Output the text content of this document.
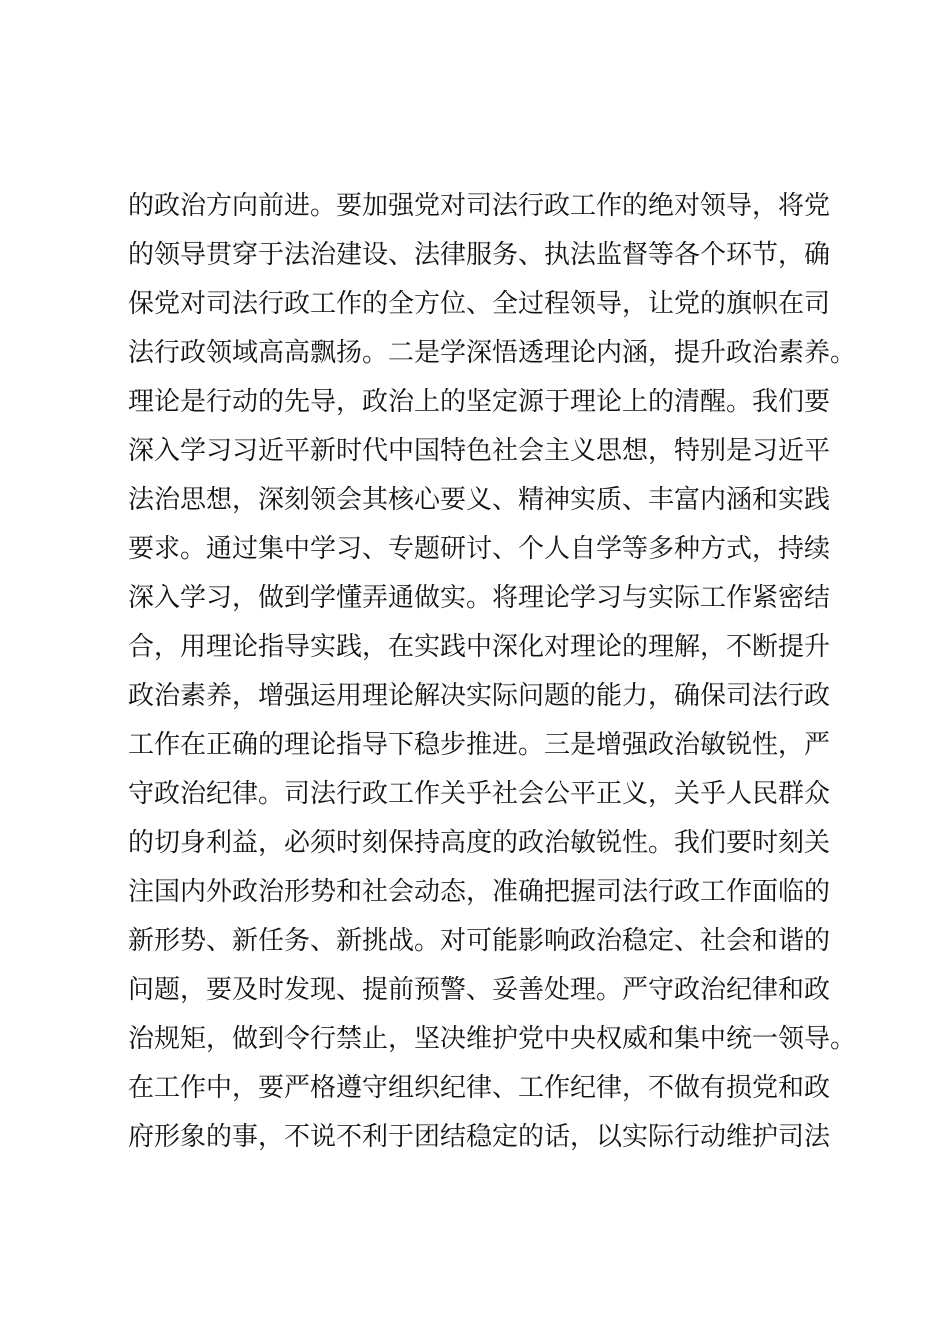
的政治方向前进。要加强党对司法行政工作的绝对领导，将党
的领导贯穿于法治建设、法律服务、执法监督等各个环节，确
保党对司法行政工作的全方位、全过程领导，让党的旗帜在司
法行政领域高高飘扬。二是学深悟透理论内涵，提升政治素养。
理论是行动的先导，政治上的坚定源于理论上的清醒。我们要
深入学习习近平新时代中国特色社会主义思想，特别是习近平
法治思想，深刻领会其核心要义、精神实质、丰富内涵和实践
要求。通过集中学习、专题研讨、个人自学等多种方式，持续
深入学习，做到学懂弄通做实。将理论学习与实际工作紧密结
合，用理论指导实践，在实践中深化对理论的理解，不断提升
政治素养，增强运用理论解决实际问题的能力，确保司法行政
工作在正确的理论指导下稳步推进。三是增强政治敏锐性，严
守政治纪律。司法行政工作关乎社会公平正义，关乎人民群众
的切身利益，必须时刻保持高度的政治敏锐性。我们要时刻关
注国内外政治形势和社会动态，准确把握司法行政工作面临的
新形势、新任务、新挑战。对可能影响政治稳定、社会和谐的
问题，要及时发现、提前预警、妥善处理。严守政治纪律和政
治规矩，做到令行禁止，坚决维护党中央权威和集中统一领导。
在工作中，要严格遵守组织纪律、工作纪律，不做有损党和政
府形象的事，不说不利于团结稳定的话，以实际行动维护司法
